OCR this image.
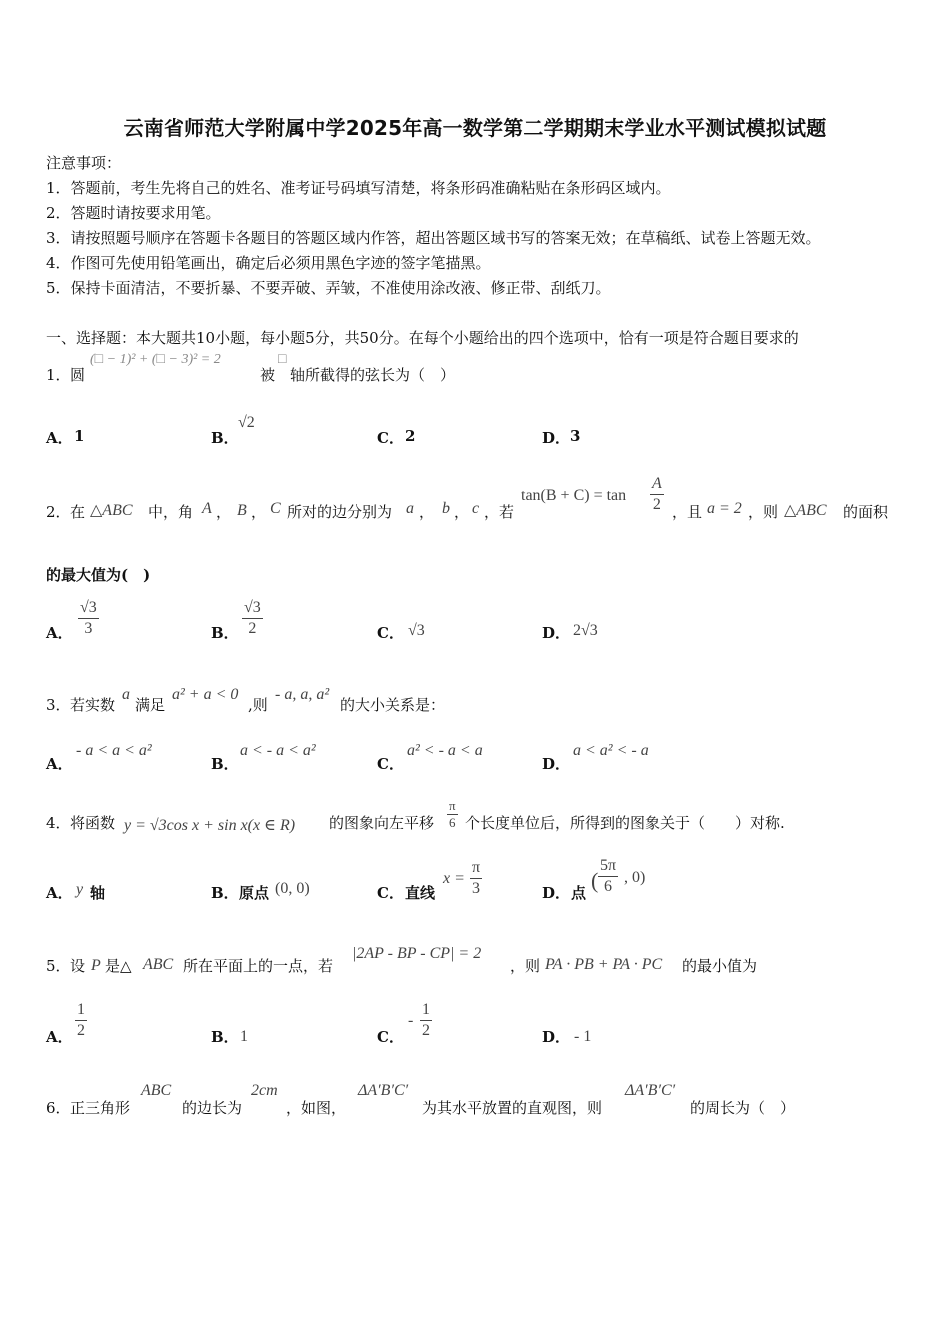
云南省师范大学附属中学2025年高一数学第二学期期末学业水平测试模拟试题
注意事项：
1．答题前，考生先将自己的姓名、准考证号码填写清楚，将条形码准确粘贴在条形码区域内。
2．答题时请按要求用笔。
3．请按照题号顺序在答题卡各题目的答题区域内作答，超出答题区域书写的答案无效；在草稿纸、试卷上答题无效。
4．作图可先使用铅笔画出，确定后必须用黑色字迹的签字笔描黑。
5．保持卡面清洁，不要折暴、不要弄破、弄皱，不准使用涂改液、修正带、刮纸刀。
一、选择题：本大题共10小题，每小题5分，共50分。在每个小题给出的四个选项中，恰有一项是符合题目要求的
1． 圆
(□ − 1)² + (□ − 3)² = 2	□
被 轴所截得的弦长为（　）
A． 1	B．
√2
C． 2	D． 3
2． 在 △ABC 中，角 A ， B ， C 所对的边分别为 a ， b ， c ，若
$\tan(B + C) = \tan \frac{A}{2}$ ，且 a = 2 ，则 △ABC 的面积
的最大值为(　)
A． $\frac{√3}{3}$	B． $\frac{√3}{2}$	C． √3	D． 2√3
3． 若实数
a
满足
a² + a < 0
,则
- a, a, a²
的大小关系是：
A．
- a < a < a²
B．
a < - a < a²
C．
a² < - a < a
D．
a < a² < - a
4． 将函数 y = √3cos x + sin x(x ∈ R) 的图象向左平移 $\frac{\pi}{6}$ 个长度单位后，所得到的图象关于（　　）对称.
A． y 轴	B． 原点 (0, 0)	C． 直线
$x = \frac{\pi}{3}$	D． 点 ( $\frac{5\pi}{6}$ , 0)
5． 设 P 是△ ABC 所在平面上的一点，若
|2AP - BP - CP| = 2
，则 PA · PB + PA · PC 的最小值为
A． $\frac{1}{2}$	B． 1	C．
- $\frac{1}{2}$	D． - 1
6． 正三角形
ABC
的边长为
2cm
，如图，
ΔA′B′C′
为其水平放置的直观图，则
ΔA′B′C′
的周长为（　）
